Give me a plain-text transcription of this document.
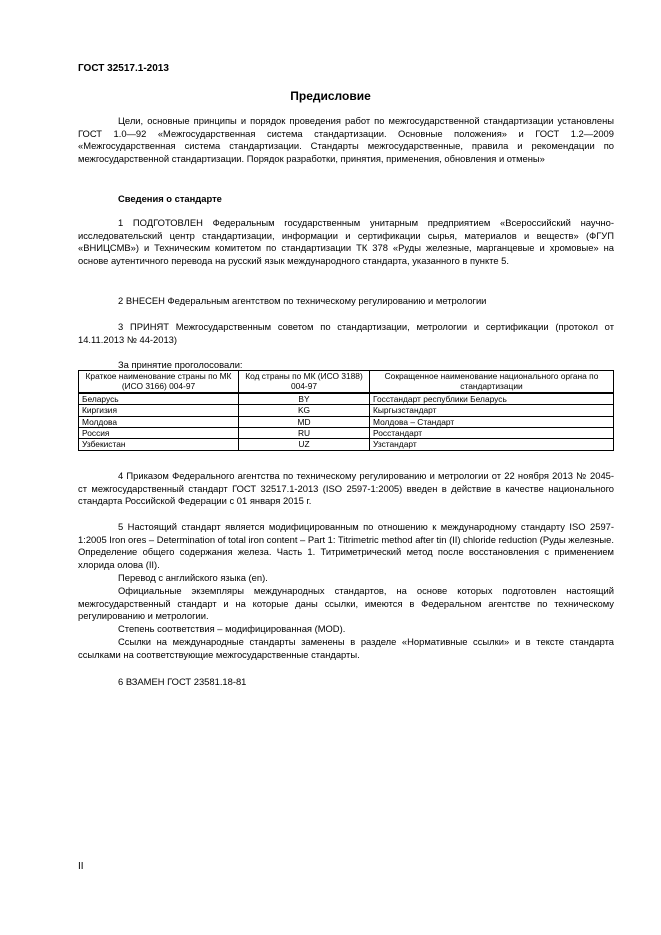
ГОСТ 32517.1-2013
Предисловие
Цели, основные принципы и порядок проведения работ по межгосударственной стандартизации установлены ГОСТ 1.0—92 «Межгосударственная система стандартизации. Основные положения» и ГОСТ 1.2—2009 «Межгосударственная система стандартизации. Стандарты межгосударственные, правила и рекомендации по межгосударственной стандартизации. Порядок разработки, принятия, применения, обновления и отмены»
Сведения о стандарте
1 ПОДГОТОВЛЕН Федеральным государственным унитарным предприятием «Всероссийский научно-исследовательский центр стандартизации, информации и сертификации сырья, материалов и веществ» (ФГУП «ВНИЦСМВ») и Техническим комитетом по стандартизации ТК 378 «Руды железные, марганцевые и хромовые» на основе аутентичного перевода на русский язык международного стандарта, указанного в пункте 5.
2 ВНЕСЕН Федеральным агентством по техническому регулированию и метрологии
3 ПРИНЯТ Межгосударственным советом по стандартизации, метрологии и сертификации (протокол от 14.11.2013 № 44-2013)
За принятие проголосовали:
Краткое наименование страны по МК (ИСО 3166) 004-97	Код страны по МК (ИСО 3188) 004-97	Сокращенное наименование национального органа по стандартизации
Беларусь	BY	Госстандарт республики Беларусь
Киргизия	KG	Кыргызстандарт
Молдова	MD	Молдова – Стандарт
Россия	RU	Росстандарт
Узбекистан	UZ	Узстандарт
4 Приказом Федерального агентства по техническому регулированию и метрологии от 22 ноября 2013 № 2045-ст межгосударственный стандарт ГОСТ 32517.1-2013 (ISO 2597-1:2005) введен в действие в качестве национального стандарта Российской Федерации с 01 января 2015 г.
5 Настоящий стандарт является модифицированным по отношению к международному стандарту ISO 2597-1:2005 Iron ores – Determination of total iron content – Part 1: Titrimetric method after tin (II) chloride reduction (Руды железные. Определение общего содержания железа. Часть 1. Титриметрический метод после восстановления с применением хлорида олова (II).
Перевод с английского языка (en).
Официальные экземпляры международных стандартов, на основе которых подготовлен настоящий межгосударственный стандарт и на которые даны ссылки, имеются в Федеральном агентстве по техническому регулированию и метрологии.
Степень соответствия – модифицированная (MOD).
Ссылки на международные стандарты заменены в разделе «Нормативные ссылки» и в тексте стандарта ссылками на соответствующие межгосударственные стандарты.
6 ВЗАМЕН ГОСТ 23581.18-81
II
